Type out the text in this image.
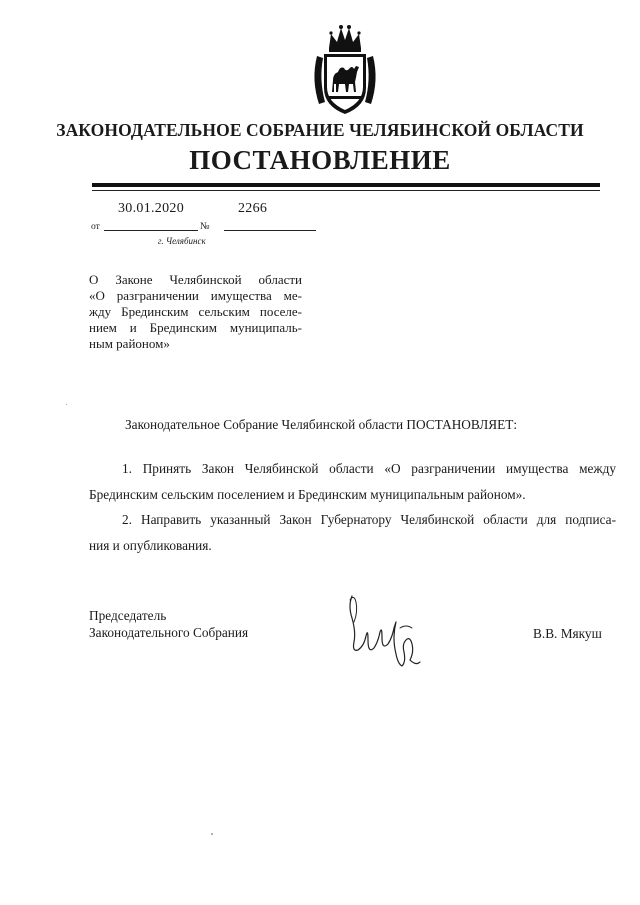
ЗАКОНОДАТЕЛЬНОЕ СОБРАНИЕ ЧЕЛЯБИНСКОЙ ОБЛАСТИ
ПОСТАНОВЛЕНИЕ
30.01.2020	2266
от	№
г. Челябинск
О Законе Челябинской области
«О разграничении имущества ме-
жду Брединским сельским поселе-
нием и Брединским муниципаль-
ным районом»
Законодательное Собрание Челябинской области ПОСТАНОВЛЯЕТ:
1. Принять Закон Челябинской области «О разграничении имущества между
Брединским сельским поселением и Брединским муниципальным районом».
2. Направить указанный Закон Губернатору Челябинской области для подписа-
ния и опубликования.
Председатель
Законодательного Собрания	В.В. Мякуш
